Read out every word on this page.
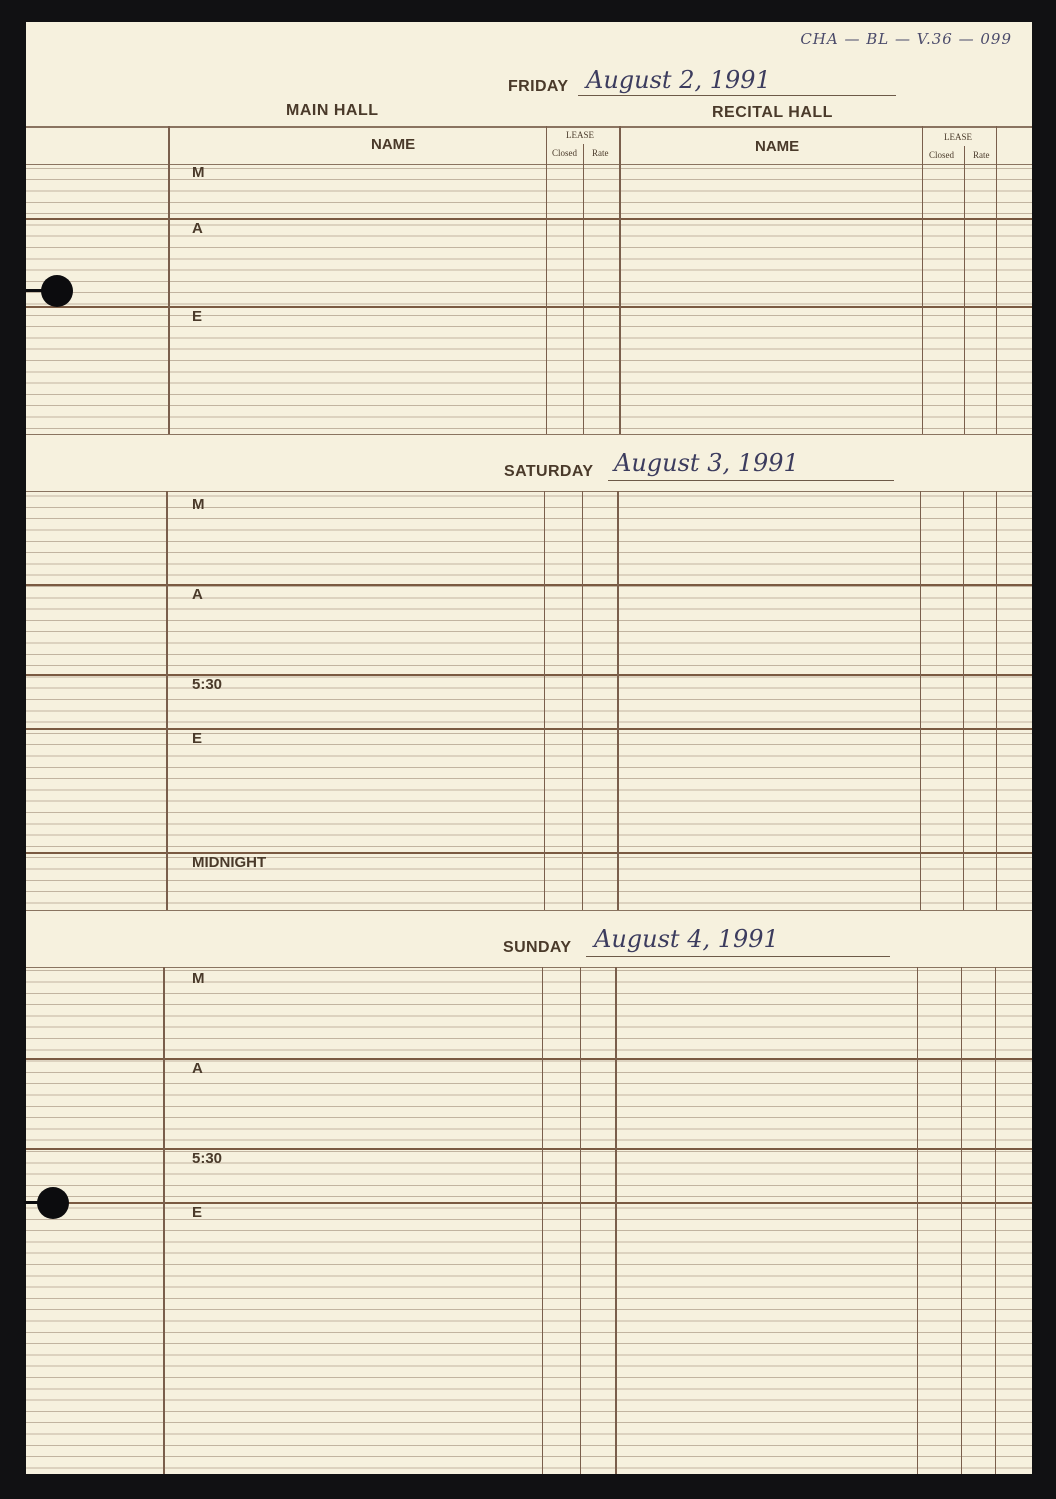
CHA — BL — V.36 — 099
FRIDAY August 2, 1991
MAIN HALL	RECITAL HALL
NAME
LEASE
Closed Rate	NAME
LEASE
Closed Rate
M
A
E
SATURDAY August 3, 1991
M
A
5:30
E
MIDNIGHT
SUNDAY August 4, 1991
M
A
5:30
E
